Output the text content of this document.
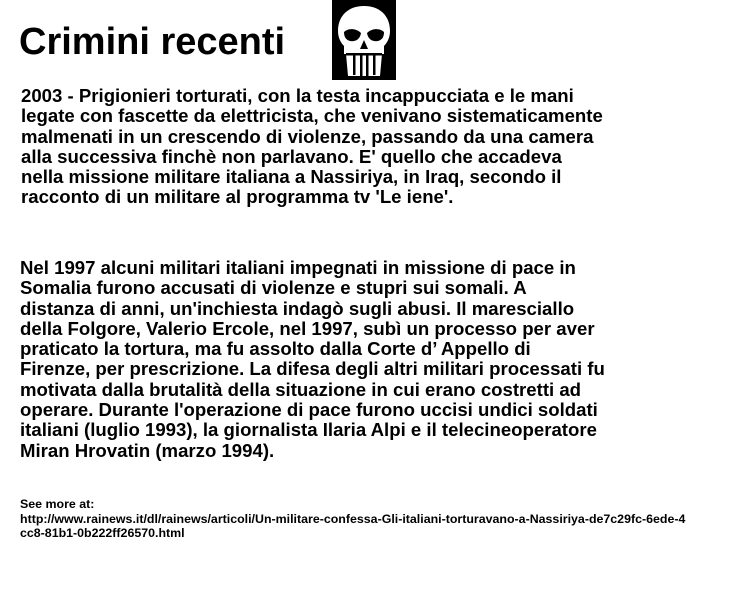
Crimini recenti

2003 - Prigionieri torturati, con la testa incappucciata e le mani
legate con fascette da elettricista, che venivano sistematicamente
malmenati in un crescendo di violenze, passando da una camera
alla successiva finchè non parlavano. E' quello che accadeva
nella missione militare italiana a Nassiriya, in Iraq, secondo il
racconto di un militare al programma tv 'Le iene'.

Nel 1997 alcuni militari italiani impegnati in missione di pace in
Somalia furono accusati di violenze e stupri sui somali. A
distanza di anni, un'inchiesta indagò sugli abusi. Il maresciallo
della Folgore, Valerio Ercole, nel 1997, subì un processo per aver
praticato la tortura, ma fu assolto dalla Corte d’ Appello di
Firenze, per prescrizione. La difesa degli altri militari processati fu
motivata dalla brutalità della situazione in cui erano costretti ad
operare. Durante l'operazione di pace furono uccisi undici soldati
italiani (luglio 1993), la giornalista Ilaria Alpi e il telecineoperatore
Miran Hrovatin (marzo 1994).

See more at:
http://www.rainews.it/dl/rainews/articoli/Un-militare-confessa-Gli-italiani-torturavano-a-Nassiriya-de7c29fc-6ede-4cc8-81b1-0b222ff26570.html
